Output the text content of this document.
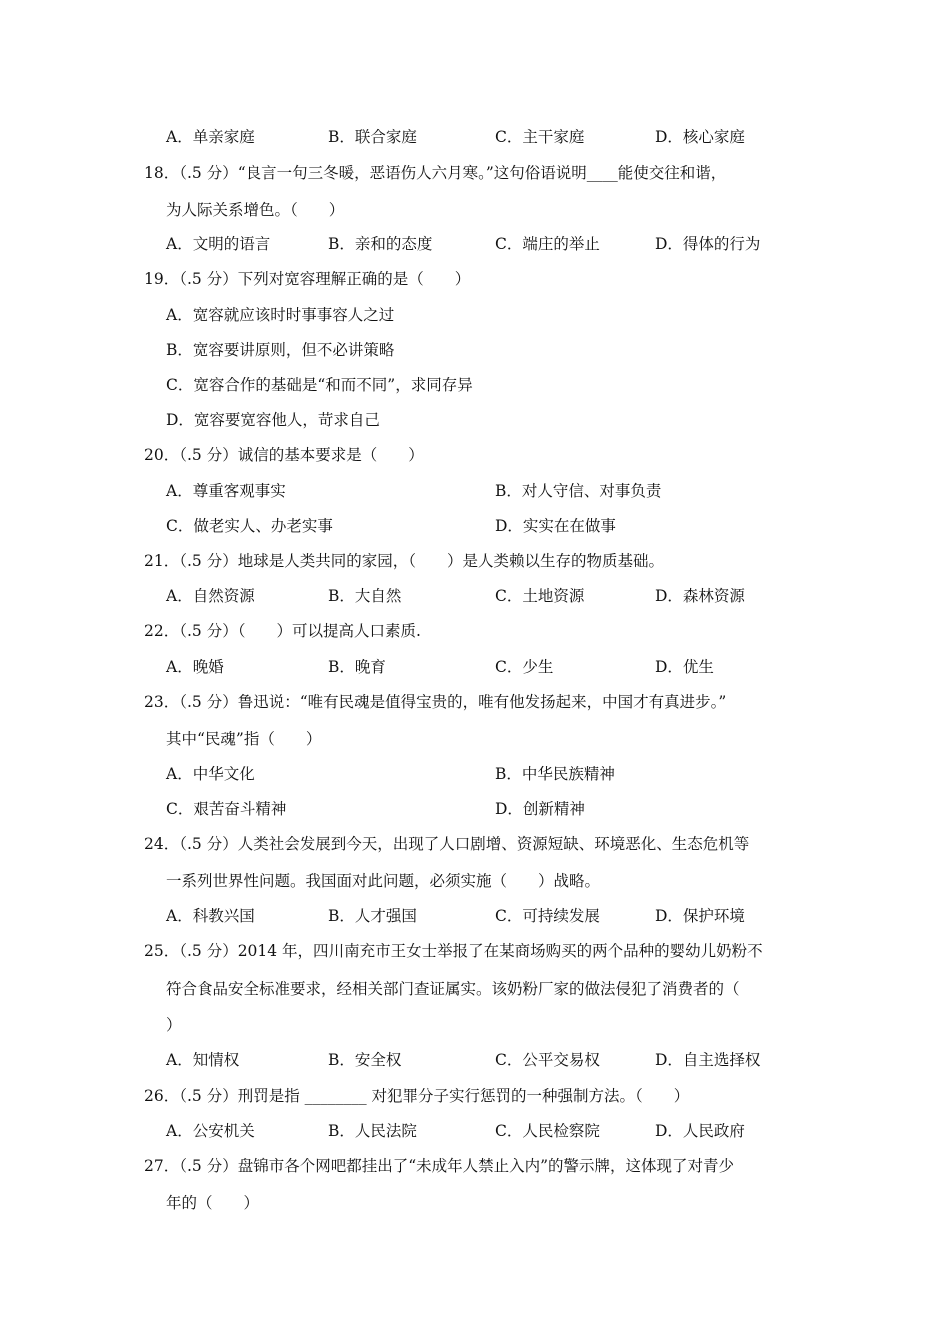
A．单亲家庭	B．联合家庭	C．主干家庭	D．核心家庭
18．（.5 分）“良言一句三冬暖，恶语伤人六月寒。”这句俗语说明____能使交往和谐，
为人际关系增色。（　　）
A．文明的语言	B．亲和的态度	C．端庄的举止	D．得体的行为
19．（.5 分）下列对宽容理解正确的是（　　）
A．宽容就应该时时事事容人之过
B．宽容要讲原则，但不必讲策略
C．宽容合作的基础是“和而不同”，求同存异
D．宽容要宽容他人，苛求自己
20．（.5 分）诚信的基本要求是（　　）
A．尊重客观事实	B．对人守信、对事负责
C．做老实人、办老实事	D．实实在在做事
21．（.5 分）地球是人类共同的家园，（　　）是人类赖以生存的物质基础。
A．自然资源	B．大自然	C．土地资源	D．森林资源
22．（.5 分）（　　）可以提高人口素质.
A．晚婚	B．晚育	C．少生	D．优生
23．（.5 分）鲁迅说：“唯有民魂是值得宝贵的，唯有他发扬起来，中国才有真进步。”
其中“民魂”指（　　）
A．中华文化	B．中华民族精神
C．艰苦奋斗精神	D．创新精神
24．（.5 分）人类社会发展到今天，出现了人口剧增、资源短缺、环境恶化、生态危机等
一系列世界性问题。我国面对此问题，必须实施（　　）战略。
A．科教兴国	B．人才强国	C．可持续发展	D．保护环境
25．（.5 分）2014 年，四川南充市王女士举报了在某商场购买的两个品种的婴幼儿奶粉不
符合食品安全标准要求，经相关部门查证属实。该奶粉厂家的做法侵犯了消费者的（
）
A．知情权	B．安全权	C．公平交易权	D．自主选择权
26．（.5 分）刑罚是指 ________ 对犯罪分子实行惩罚的一种强制方法。（　　）
A．公安机关	B．人民法院	C．人民检察院	D．人民政府
27．（.5 分）盘锦市各个网吧都挂出了“未成年人禁止入内”的警示牌，这体现了对青少
年的（　　）
